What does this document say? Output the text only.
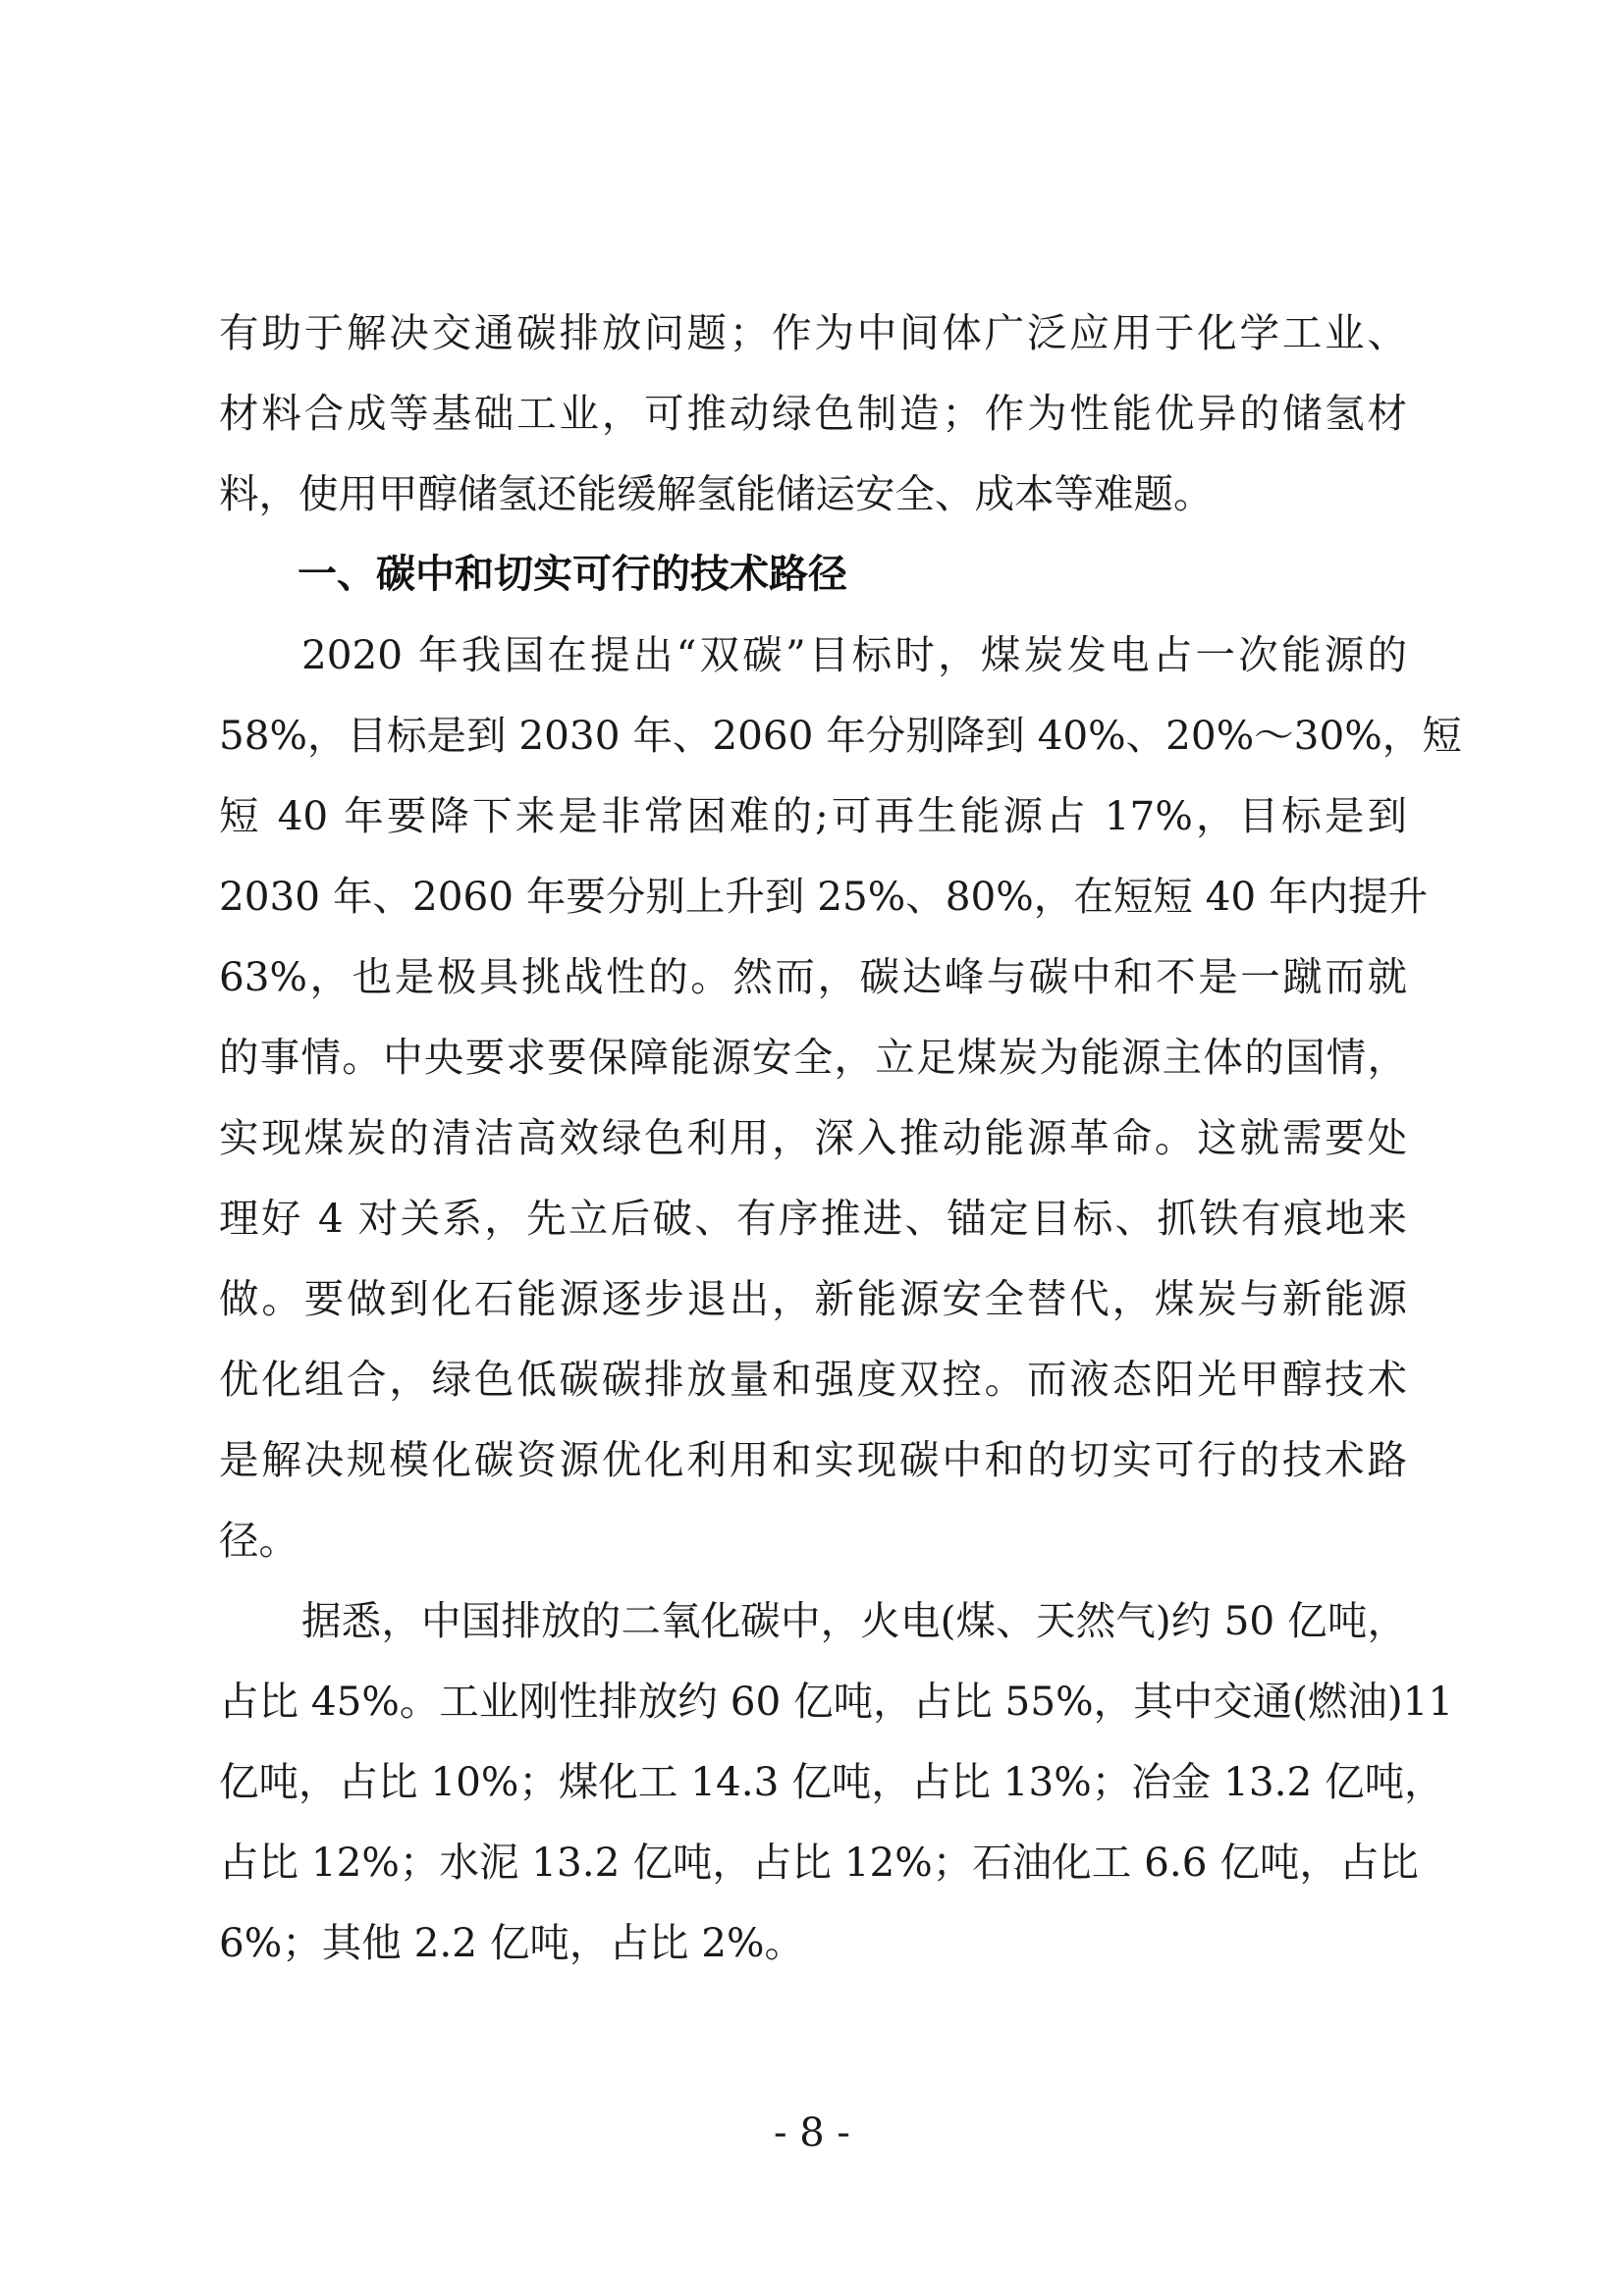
有助于解决交通碳排放问题；作为中间体广泛应用于化学工业、
材料合成等基础工业，可推动绿色制造；作为性能优异的储氢材
料，使用甲醇储氢还能缓解氢能储运安全、成本等难题。
一、碳中和切实可行的技术路径
2020 年我国在提出“双碳”目标时，煤炭发电占一次能源的
58%，目标是到 2030 年、2060 年分别降到 40%、20%～30%，短
短 40 年要降下来是非常困难的;可再生能源占 17%，目标是到
2030 年、2060 年要分别上升到 25%、80%，在短短 40 年内提升
63%，也是极具挑战性的。然而，碳达峰与碳中和不是一蹴而就
的事情。中央要求要保障能源安全，立足煤炭为能源主体的国情，
实现煤炭的清洁高效绿色利用，深入推动能源革命。这就需要处
理好 4 对关系，先立后破、有序推进、锚定目标、抓铁有痕地来
做。要做到化石能源逐步退出，新能源安全替代，煤炭与新能源
优化组合，绿色低碳碳排放量和强度双控。而液态阳光甲醇技术
是解决规模化碳资源优化利用和实现碳中和的切实可行的技术路
径。
据悉，中国排放的二氧化碳中，火电(煤、天然气)约 50 亿吨，
占比 45%。工业刚性排放约 60 亿吨，占比 55%，其中交通(燃油)11
亿吨，占比 10%；煤化工 14.3 亿吨，占比 13%；冶金 13.2 亿吨，
占比 12%；水泥 13.2 亿吨，占比 12%；石油化工 6.6 亿吨，占比
6%；其他 2.2 亿吨，占比 2%。
- 8 -
